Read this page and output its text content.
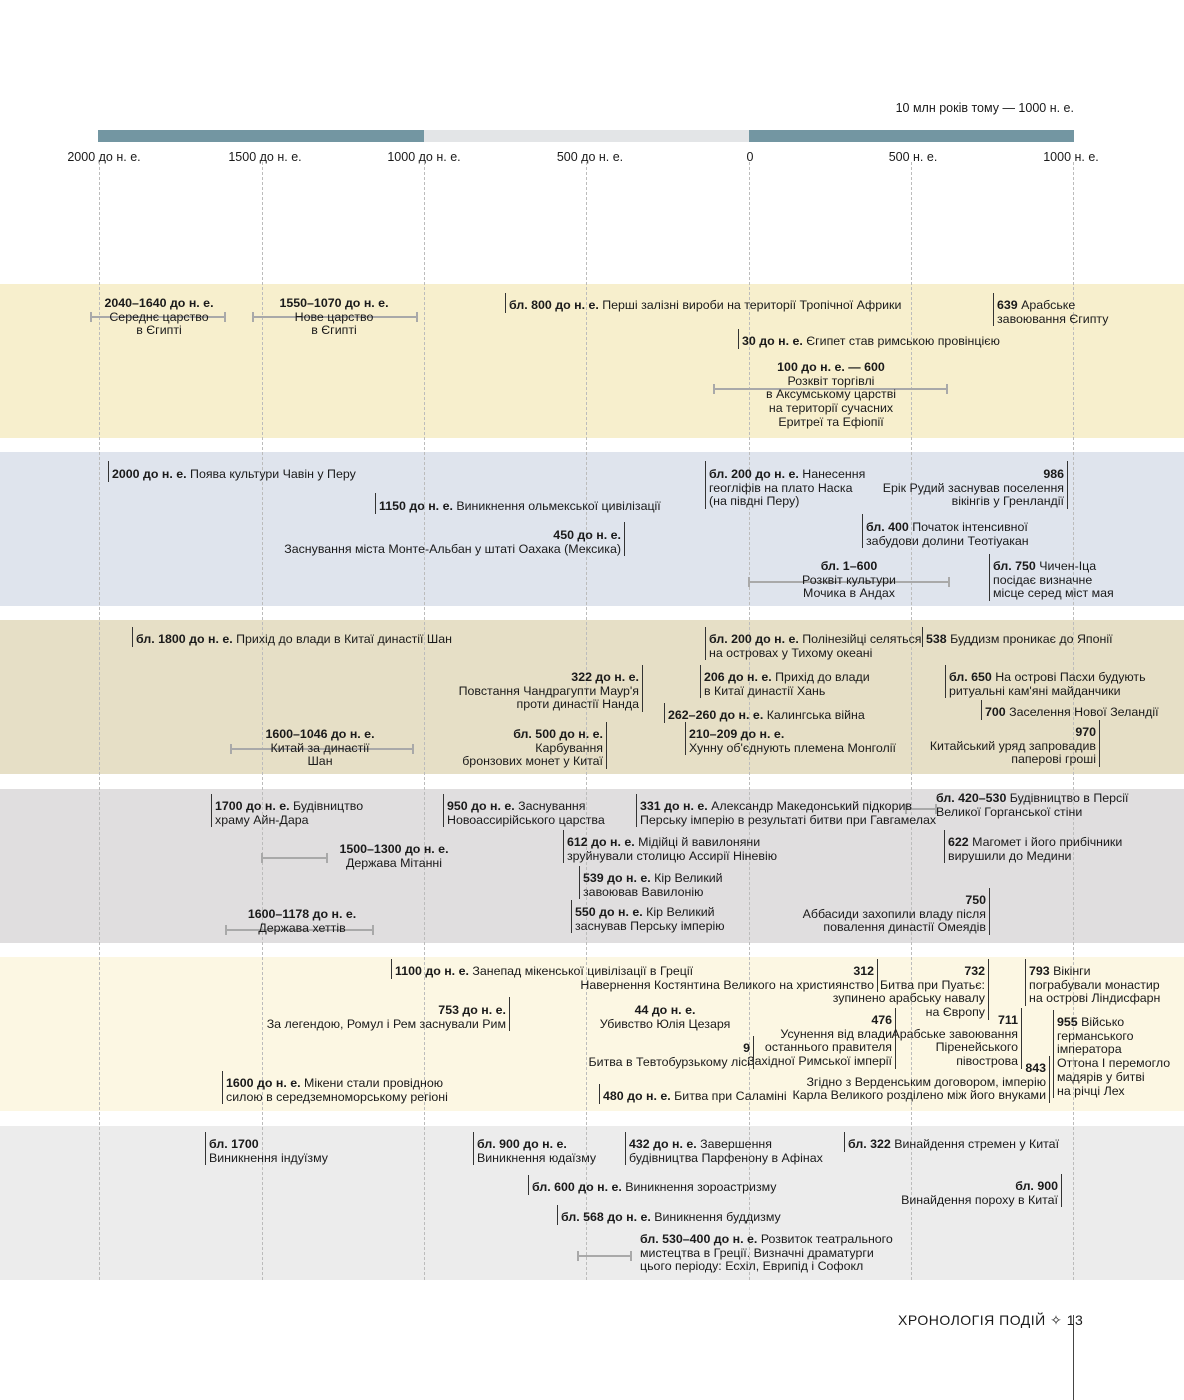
10 млн років тому — 1000 н. е.
2000 до н. е.	1500 до н. е.	1000 до н. е.	500 до н. е.	0	500 н. е.	1000 н. е.
2040–1640 до н. е.
Середнє царство
в Єгипті
1550–1070 до н. е.
Нове царство
в Єгипті
бл. 800 до н. е. Перші залізні вироби на території Тропічної Африки	639 Арабське
завоювання Єгипту
30 до н. е. Єгипет став римською провінцією
100 до н. е. — 600
Розквіт торгівлі
в Аксумському царстві
на території сучасних
Еритреї та Ефіопії
2000 до н. е. Поява культури Чавін у Перу
1150 до н. е. Виникнення ольмекської цивілізації
450 до н. е.
Заснування міста Монте-Альбан у штаті Оахака (Мексика)
бл. 200 до н. е. Нанесення
геогліфів на плато Наска
(на півдні Перу)
986
Ерік Рудий заснував поселення
вікінгів у Гренландії
бл. 400 Початок інтенсивної
забудови долини Теотіуакан
бл. 1–600
Розквіт культури
Мочика в Андах
бл. 750 Чичен-Іца
посідає визначне
місце серед міст мая
бл. 1800 до н. е. Прихід до влади в Китаї династії Шан	бл. 200 до н. е. Полінезійці селяться
на островах у Тихому океані
538 Буддизм проникає до Японії
322 до н. е.
Повстання Чандрагупти Маур'я
проти династії Нанда
206 до н. е. Прихід до влади
в Китаї династії Хань
бл. 650 На острові Пасхи будують
ритуальні кам'яні майданчики
262–260 до н. е. Калингська війна	700 Заселення Нової Зеландії
1600–1046 до н. е.
Китай за династії
Шан
бл. 500 до н. е.
Карбування
бронзових монет у Китаї
210–209 до н. е.
Хунну об'єднують племена Монголії
970
Китайський уряд запровадив
паперові гроші
1700 до н. е. Будівництво
храму Айн-Дара
950 до н. е. Заснування
Новоассирійського царства
331 до н. е. Александр Македонський підкорив
Перську імперію в результаті битви при Гавгамелах
бл. 420–530 Будівництво в Персії
Великої Горганської стіни
1500–1300 до н. е.
Держава Мітанні
612 до н. е. Мідійці й вавилоняни
зруйнували столицю Ассирії Ніневію
622 Магомет і його прибічники
вирушили до Медини
539 до н. е. Кір Великий
завоював Вавилонію
1600–1178 до н. е.
Держава хеттів
550 до н. е. Кір Великий
заснував Перську імперію
750
Аббасиди захопили владу після
повалення династії Омеядів
1100 до н. е. Занепад мікенської цивілізації в Греції	312
Навернення Костянтина Великого на християнство
732
Битва при Пуатьє:
зупинено арабську навалу
на Європу
793 Вікінги
пограбували монастир
на острові Ліндисфарн
753 до н. е.
За легендою, Ромул і Рем заснували Рим
44 до н. е.
Убивство Юлія Цезаря	476
Усунення від влади
останнього правителя
Західної Римської імперії
711
Арабське завоювання
Піренейського
півострова
955 Військо
германського
імператора
Оттона I перемогло
мадярів у битві
на річці Лех
9
Битва в Тевтобурзькому лісі	843
Згідно з Верденським договором, імперію
Карла Великого розділено між його внуками
1600 до н. е. Мікени стали провідною
силою в середземноморському регіоні	480 до н. е. Битва при Саламіні
бл. 1700
Виникнення індуїзму
бл. 900 до н. е.
Виникнення юдаїзму
432 до н. е. Завершення
будівництва Парфенону в Афінах
бл. 322 Винайдення стремен у Китаї
бл. 600 до н. е. Виникнення зороастризму	бл. 900
Винайдення пороху в Китаї
бл. 568 до н. е. Виникнення буддизму
бл. 530–400 до н. е. Розвиток театрального
мистецтва в Греції. Визначні драматурги
цього періоду: Есхіл, Еврипід і Софокл
ХРОНОЛОГІЯ ПОДІЙ ✧ 13
